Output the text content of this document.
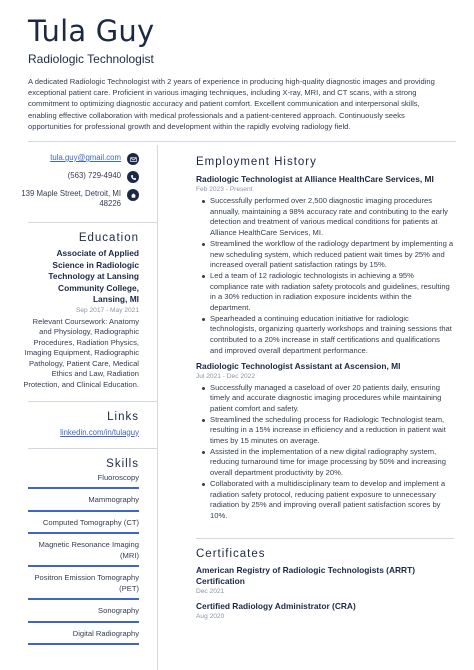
Tula Guy
Radiologic Technologist
A dedicated Radiologic Technologist with 2 years of experience in producing high-quality diagnostic images and providing exceptional patient care. Proficient in various imaging techniques, including X-ray, MRI, and CT scans, with a strong commitment to optimizing diagnostic accuracy and patient comfort. Excellent communication and interpersonal skills, enabling effective collaboration with medical professionals and a patient-centered approach. Continuously seeks opportunities for professional growth and development within the rapidly evolving radiology field.
tula.guy@gmail.com
(563) 729-4940
139 Maple Street, Detroit, MI 48226
Education
Associate of Applied Science in Radiologic Technology at Lansing Community College, Lansing, MI
Sep 2017 - May 2021
Relevant Coursework: Anatomy and Physiology, Radiographic Procedures, Radiation Physics, Imaging Equipment, Radiographic Pathology, Patient Care, Medical Ethics and Law, Radiation Protection, and Clinical Education.
Links
linkedin.com/in/tulaguy
Skills
Fluoroscopy
Mammography
Computed Tomography (CT)
Magnetic Resonance Imaging (MRI)
Positron Emission Tomography (PET)
Sonography
Digital Radiography
Employment History
Radiologic Technologist at Alliance HealthCare Services, MI
Feb 2023 - Present
Successfully performed over 2,500 diagnostic imaging procedures annually, maintaining a 98% accuracy rate and contributing to the early detection and treatment of various medical conditions for patients at Alliance HealthCare Services, MI.
Streamlined the workflow of the radiology department by implementing a new scheduling system, which reduced patient wait times by 25% and increased overall patient satisfaction ratings by 15%.
Led a team of 12 radiologic technologists in achieving a 95% compliance rate with radiation safety protocols and guidelines, resulting in a 30% reduction in radiation exposure incidents within the department.
Spearheaded a continuing education initiative for radiologic technologists, organizing quarterly workshops and training sessions that contributed to a 20% increase in staff certifications and qualifications and improved overall department performance.
Radiologic Technologist Assistant at Ascension, MI
Jul 2021 - Dec 2022
Successfully managed a caseload of over 20 patients daily, ensuring timely and accurate diagnostic imaging procedures while maintaining patient comfort and safety.
Streamlined the scheduling process for Radiologic Technologist team, resulting in a 15% increase in efficiency and a reduction in patient wait times by 15 minutes on average.
Assisted in the implementation of a new digital radiography system, reducing turnaround time for image processing by 50% and increasing overall department productivity by 20%.
Collaborated with a multidisciplinary team to develop and implement a radiation safety protocol, reducing patient exposure to unnecessary radiation by 25% and improving overall patient satisfaction scores by 10%.
Certificates
American Registry of Radiologic Technologists (ARRT) Certification
Dec 2021
Certified Radiology Administrator (CRA)
Aug 2020
